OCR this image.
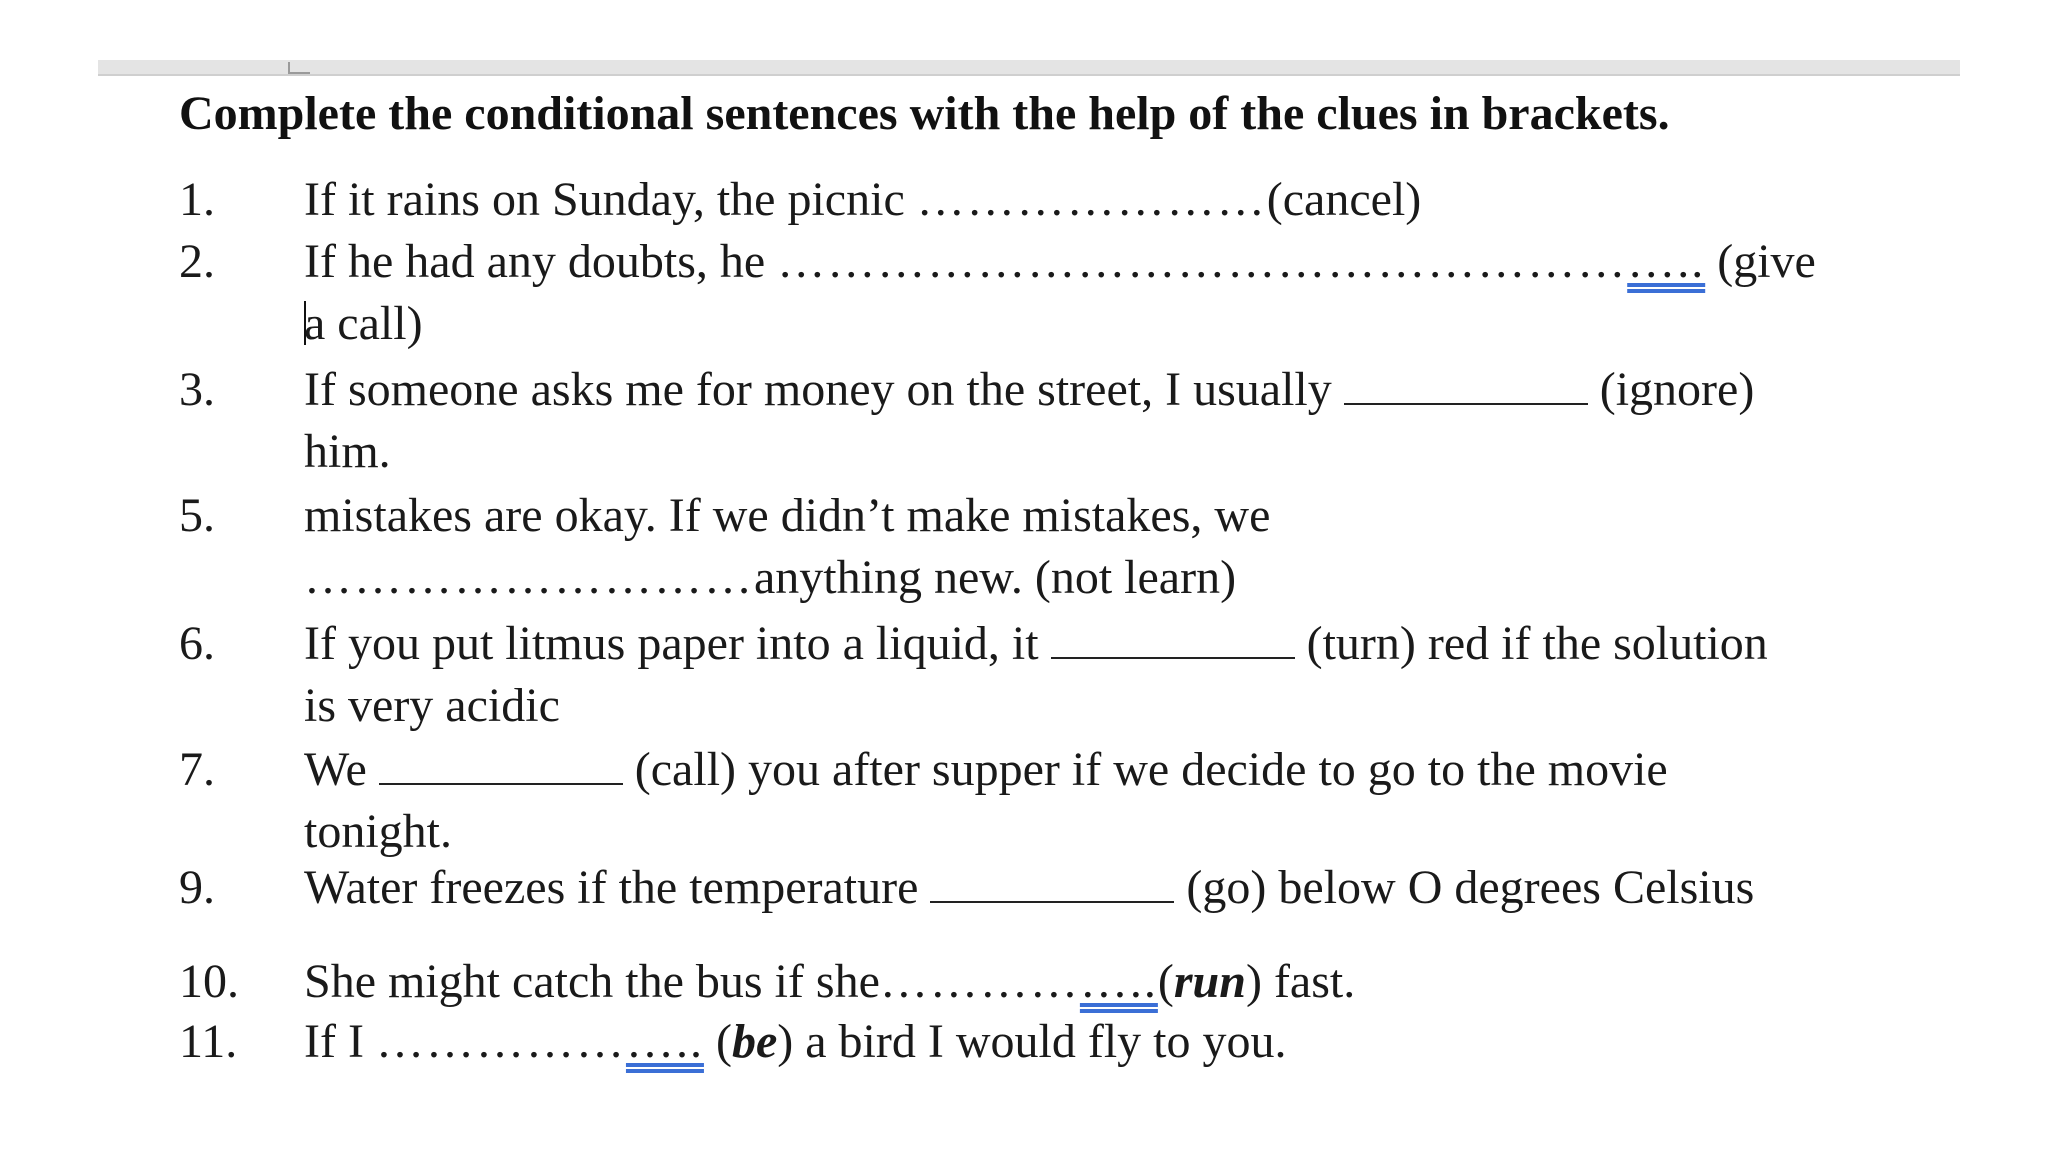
Complete the conditional sentences with the help of the clues in brackets.
1. If it rains on Sunday, the picnic …………………(cancel)
2. If he had any doubts, he ……………………………………………….. (give
a call)
3. If someone asks me for money on the street, I usually	(ignore)
him.
5. mistakes are okay. If we didn’t make mistakes, we
………………………anything new. (not learn)
6. If you put litmus paper into a liquid, it	(turn) red if the solution
is very acidic
7. We	(call) you after supper if we decide to go to the movie
tonight.
9. Water freezes if the temperature	(go) below O degrees Celsius
10. She might catch the bus if she……………..(run) fast.
11. If I ……………….. (be) a bird I would fly to you.
